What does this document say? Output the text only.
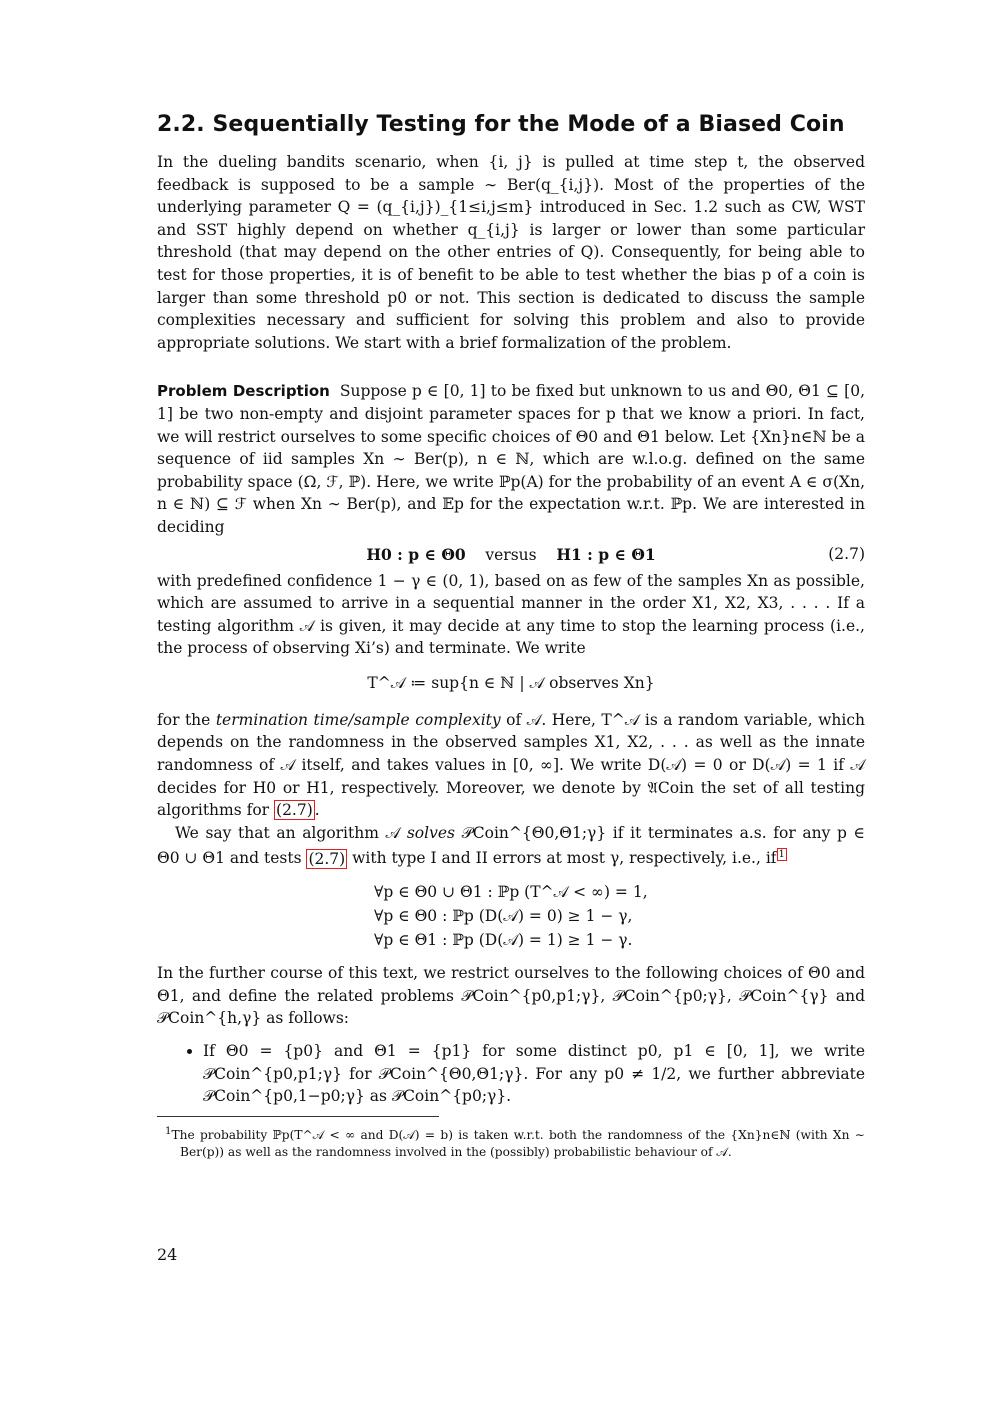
2.2. Sequentially Testing for the Mode of a Biased Coin

In the dueling bandits scenario, when {i, j} is pulled at time step t, the observed feedback is supposed to be a sample ∼ Ber(q_{i,j}). Most of the properties of the underlying parameter Q = (q_{i,j})_{1≤i,j≤m} introduced in Sec. 1.2 such as CW, WST and SST highly depend on whether q_{i,j} is larger or lower than some particular threshold (that may depend on the other entries of Q). Consequently, for being able to test for those properties, it is of benefit to be able to test whether the bias p of a coin is larger than some threshold p0 or not. This section is dedicated to discuss the sample complexities necessary and sufficient for solving this problem and also to provide appropriate solutions. We start with a brief formalization of the problem.

Problem Description Suppose p ∈ [0, 1] to be fixed but unknown to us and Θ0, Θ1 ⊆ [0, 1] be two non-empty and disjoint parameter spaces for p that we know a priori. In fact, we will restrict ourselves to some specific choices of Θ0 and Θ1 below. Let {Xn}n∈ℕ be a sequence of iid samples Xn ∼ Ber(p), n ∈ ℕ, which are w.l.o.g. defined on the same probability space (Ω, ℱ, ℙ). Here, we write ℙp(A) for the probability of an event A ∈ σ(Xn, n ∈ ℕ) ⊆ ℱ when Xn ∼ Ber(p), and 𝔼p for the expectation w.r.t. ℙp. We are interested in deciding

H0 : p ∈ Θ0 versus H1 : p ∈ Θ1	(2.7)

with predefined confidence 1 − γ ∈ (0, 1), based on as few of the samples Xn as possible, which are assumed to arrive in a sequential manner in the order X1, X2, X3, . . . . If a testing algorithm 𝒜 is given, it may decide at any time to stop the learning process (i.e., the process of observing Xi’s) and terminate. We write

T^𝒜 ≔ sup{n ∈ ℕ | 𝒜 observes Xn}

for the termination time/sample complexity of 𝒜. Here, T^𝒜 is a random variable, which depends on the randomness in the observed samples X1, X2, . . . as well as the innate randomness of 𝒜 itself, and takes values in [0, ∞]. We write D(𝒜) = 0 or D(𝒜) = 1 if 𝒜 decides for H0 or H1, respectively. Moreover, we denote by 𝔄Coin the set of all testing algorithms for (2.7) .

We say that an algorithm 𝒜 solves 𝒫Coin^{Θ0,Θ1;γ} if it terminates a.s. for any p ∈ Θ0 ∪ Θ1 and tests (2.7) with type I and II errors at most γ, respectively, i.e., if $^1$

∀p ∈ Θ0 ∪ Θ1 : ℙp (T^𝒜 < ∞) = 1,
∀p ∈ Θ0 : ℙp (D(𝒜) = 0) ≥ 1 − γ,
∀p ∈ Θ1 : ℙp (D(𝒜) = 1) ≥ 1 − γ.

In the further course of this text, we restrict ourselves to the following choices of Θ0 and Θ1, and define the related problems 𝒫Coin^{p0,p1;γ}, 𝒫Coin^{p0;γ}, 𝒫Coin^{γ} and 𝒫Coin^{h,γ} as follows:

• If Θ0 = {p0} and Θ1 = {p1} for some distinct p0, p1 ∈ [0, 1], we write 𝒫Coin^{p0,p1;γ} for 𝒫Coin^{Θ0,Θ1;γ}. For any p0 ≠ 1/2, we further abbreviate 𝒫Coin^{p0,1−p0;γ} as 𝒫Coin^{p0;γ}.

$^1$The probability ℙp(T^𝒜 < ∞ and D(𝒜) = b) is taken w.r.t. both the randomness of the {Xn}n∈ℕ (with Xn ∼ Ber(p)) as well as the randomness involved in the (possibly) probabilistic behaviour of 𝒜.

24
